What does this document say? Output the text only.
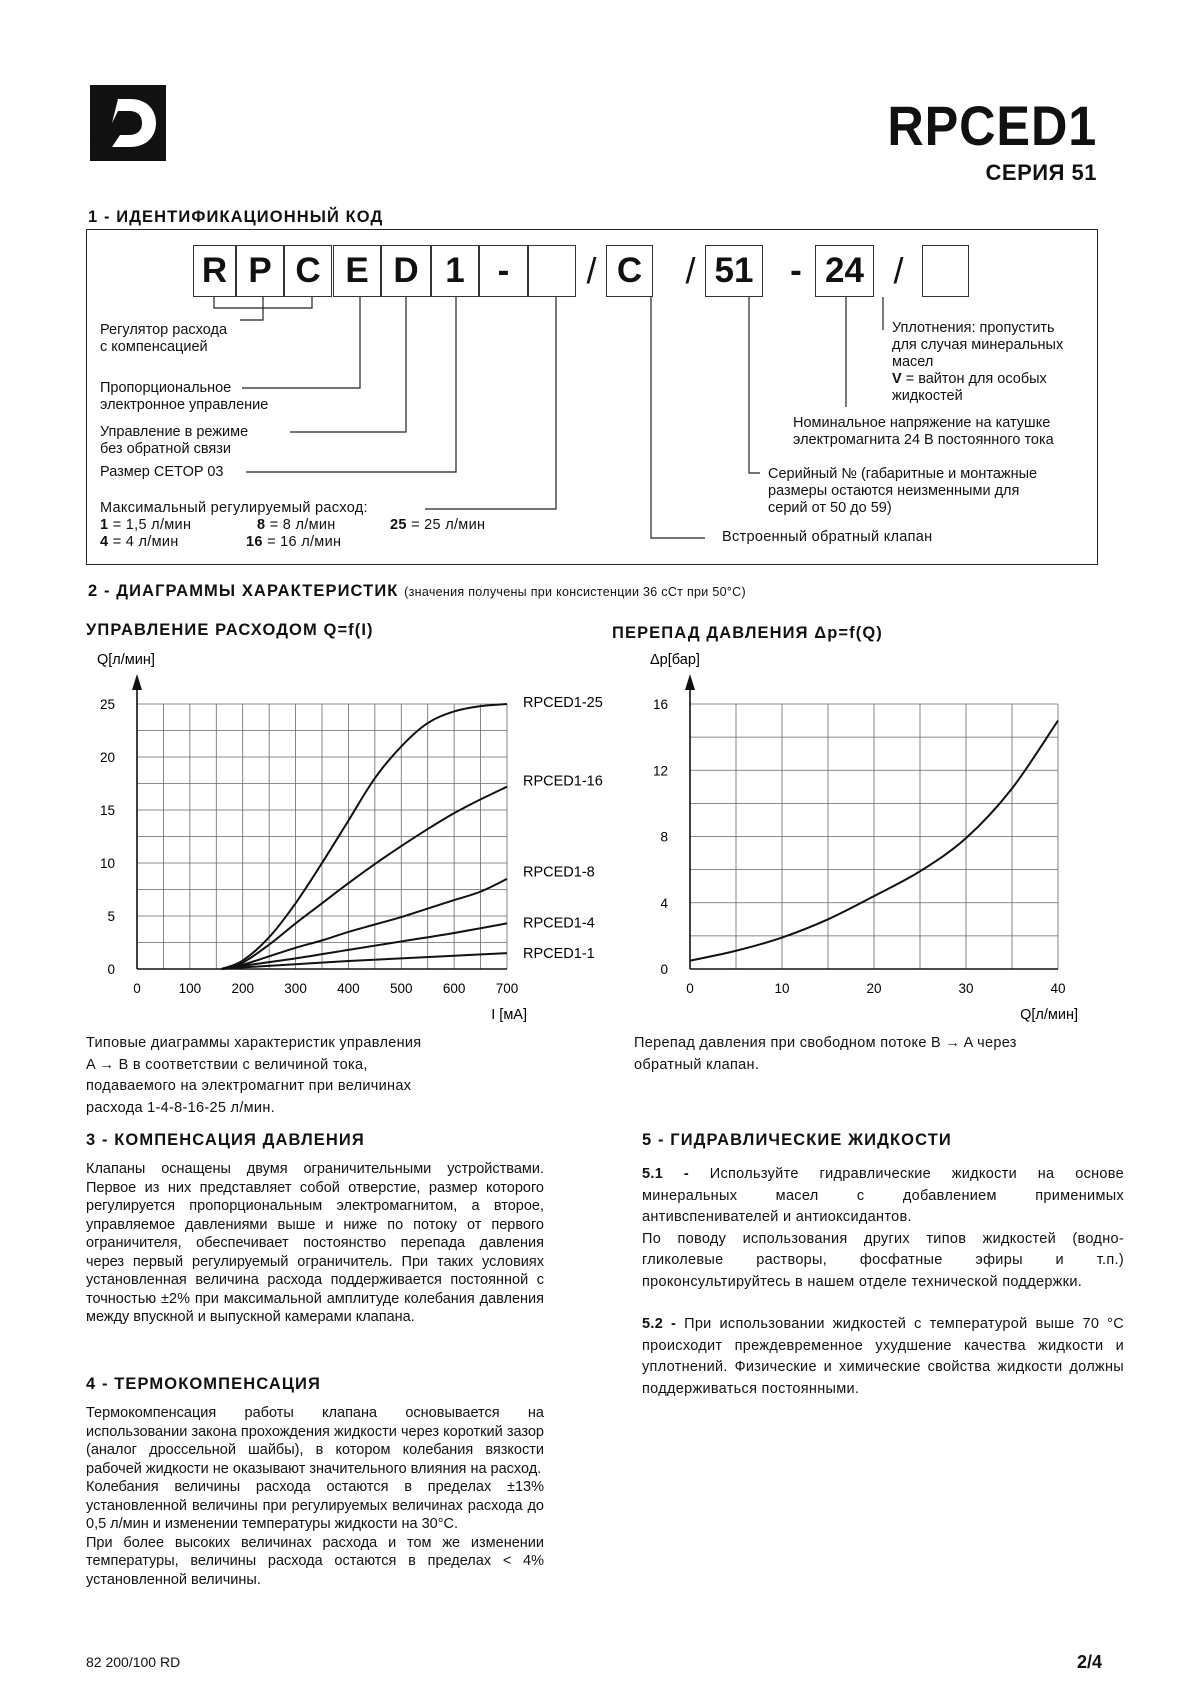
RPCED1
СЕРИЯ 51
1 - ИДЕНТИФИКАЦИОННЫЙ КОД
R P C E D 1 -	/ C	/ 51	- 24 /
Регулятор расхода
с компенсацией
Пропорциональное
электронное управление
Управление в режиме
без обратной связи
Размер CETOP 03
Максимальный регулируемый расход:
1 = 1,5 л/мин	8 = 8 л/мин	25 = 25 л/мин
4 = 4 л/мин	16 = 16 л/мин
Уплотнения: пропустить
для случая минеральных
масел
V = вайтон для особых
жидкостей
Номинальное напряжение на катушке
электромагнита 24 В постоянного тока
Серийный № (габаритные и монтажные
размеры остаются неизменными для
серий от 50 до 59)
Встроенный обратный клапан
2 - ДИАГРАММЫ ХАРАКТЕРИСТИК (значения получены при консистенции 36 сСт при 50°C)
УПРАВЛЕНИЕ РАСХОДОМ Q=f(I)	ПЕРЕПАД ДАВЛЕНИЯ Δp=f(Q)
0	100 200 300 400 500 600 700
0
5
10
15
20
25
Q[л/мин]
I [мА]
RPCED1-25
RPCED1-16
RPCED1-8
RPCED1-4
RPCED1-1
0	10	20	30	40
0
4
8
12
16
Δp[бар]
Q[л/мин]
Типовые диаграммы характеристик управления
A → B в соответствии с величиной тока,
подаваемого на электромагнит при величинах
расхода 1-4-8-16-25 л/мин.
Перепад давления при свободном потоке B → A через
обратный клапан.
3 - КОМПЕНСАЦИЯ ДАВЛЕНИЯ
Клапаны оснащены двумя ограничительными устройствами. Первое из них представляет собой отверстие, размер которого регулируется пропорциональным электромагнитом, а второе, управляемое давлениями выше и ниже по потоку от первого ограничителя, обеспечивает постоянство перепада давления через первый регулируемый ограничитель. При таких условиях установленная величина расхода поддерживается постоянной с точностью ±2% при максимальной амплитуде колебания давления между впускной и выпускной камерами клапана.
4 - ТЕРМОКОМПЕНСАЦИЯ

Термокомпенсация работы клапана основывается на использовании закона прохождения жидкости через короткий зазор (аналог дроссельной шайбы), в котором колебания вязкости рабочей жидкости не оказывают значительного влияния на расход.

Колебания величины расхода остаются в пределах ±13% установленной величины при регулируемых величинах расхода до 0,5 л/мин и изменении температуры жидкости на 30°C.

При более высоких величинах расхода и том же изменении температуры, величины расхода остаются в пределах < 4% установленной величины.

5 - ГИДРАВЛИЧЕСКИЕ ЖИДКОСТИ

5.1 - Используйте гидравлические жидкости на основе минеральных масел с добавлением применимых антивспенивателей и антиоксидантов.

По поводу использования других типов жидкостей (водно-гликолевые растворы, фосфатные эфиры и т.п.) проконсультируйтесь в нашем отделе технической поддержки.

5.2 - При использовании жидкостей с температурой выше 70 °C происходит преждевременное ухудшение качества жидкости и уплотнений. Физические и химические свойства жидкости должны поддерживаться постоянными.

82 200/100 RD	2/4
